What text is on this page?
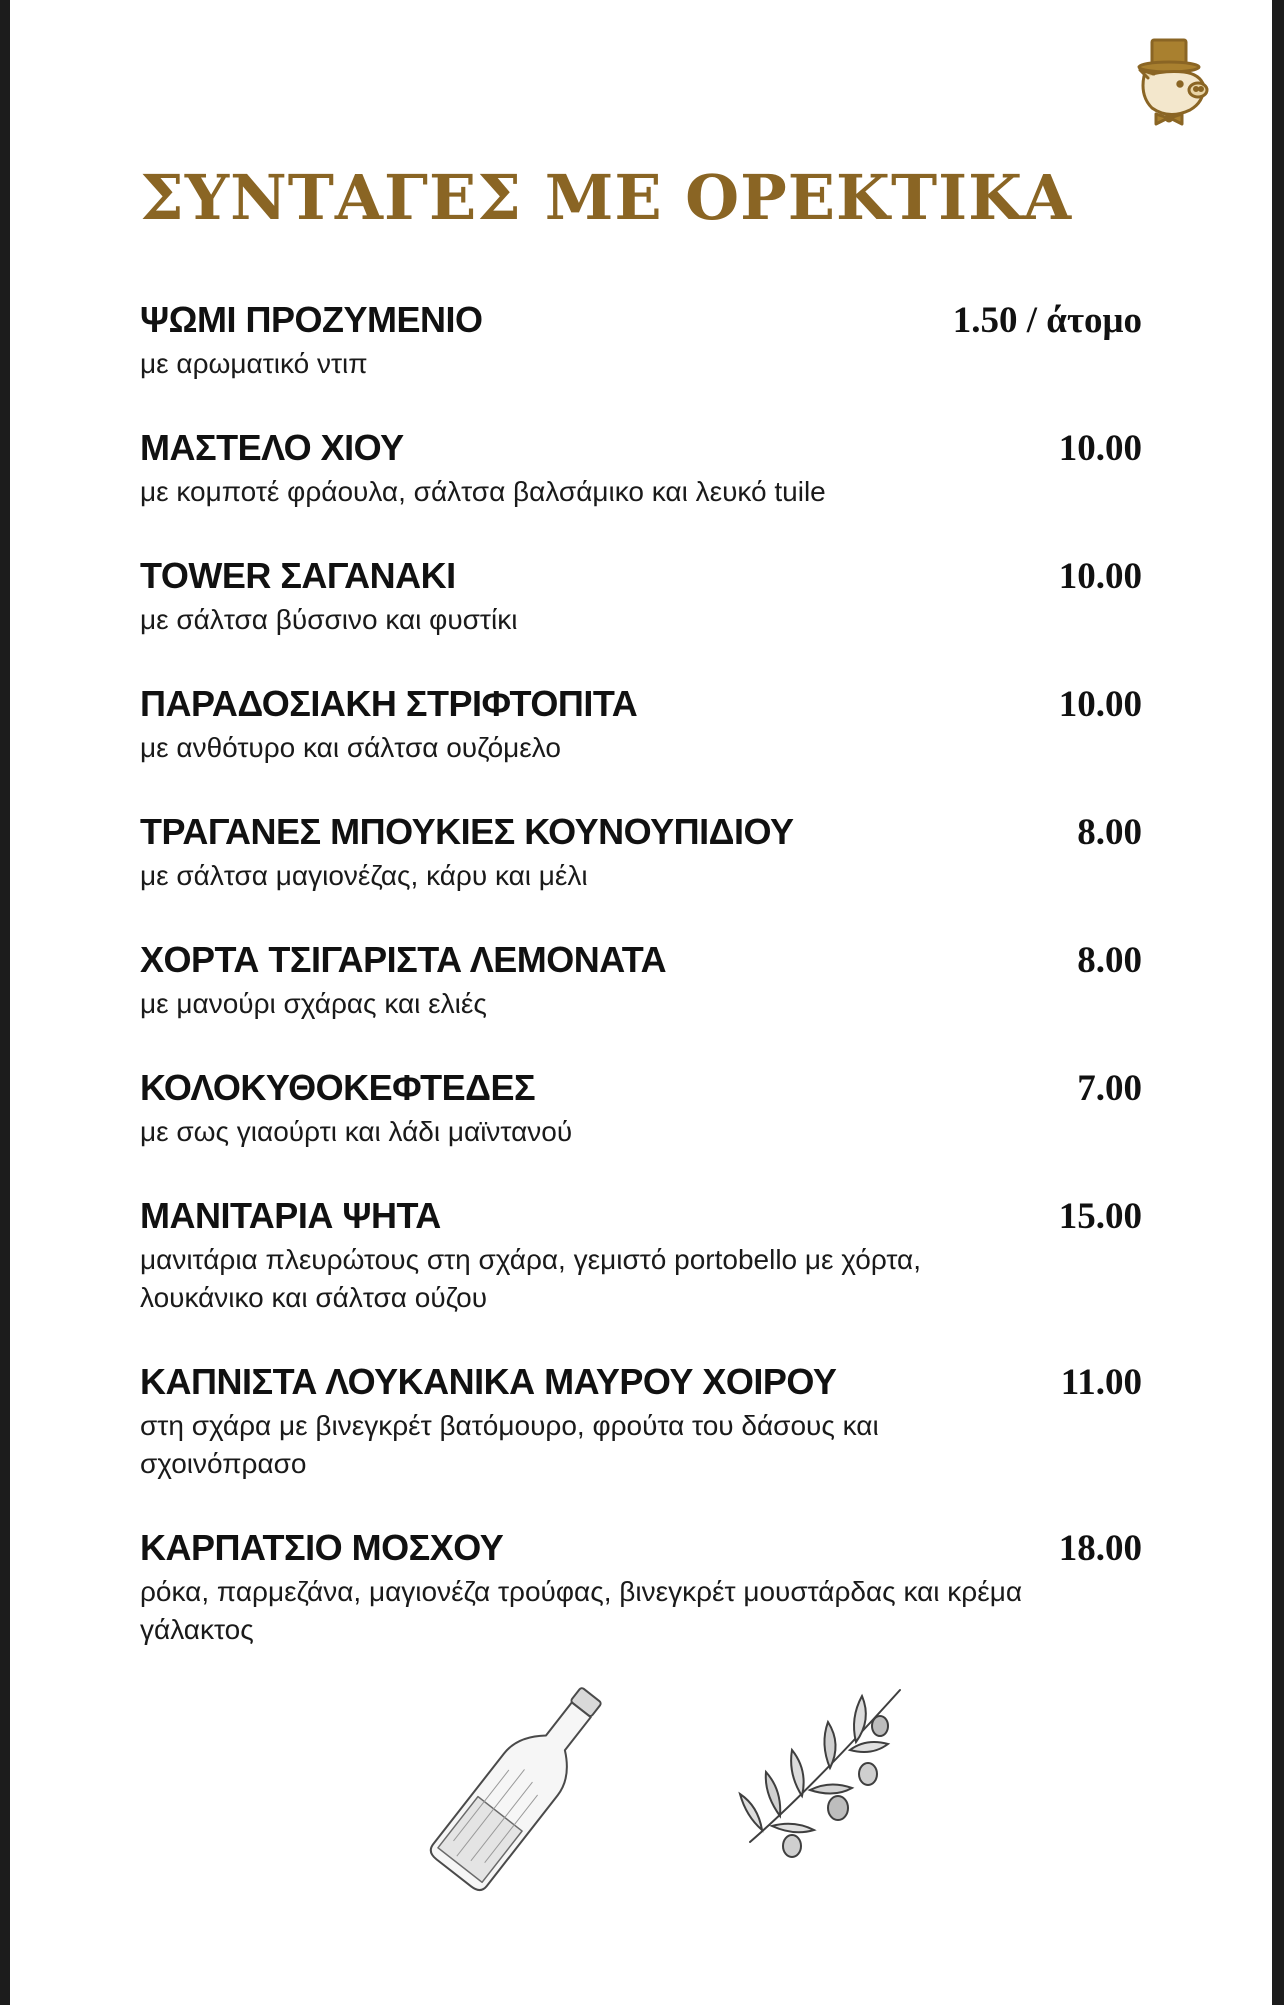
ΣΥΝΤΑΓΕΣ ΜΕ ΟΡΕΚΤΙΚΑ
ΨΩΜΙ ΠΡΟΖΥΜΕΝΙΟ	1.50 / άτομο
με αρωματικό ντιπ
ΜΑΣΤΕΛΟ ΧΙΟΥ	10.00
με κομποτέ φράουλα, σάλτσα βαλσάμικο και λευκό tuile
TOWER ΣΑΓΑΝΑΚΙ	10.00
με σάλτσα βύσσινο και φυστίκι
ΠΑΡΑΔΟΣΙΑΚΗ ΣΤΡΙΦΤΟΠΙΤΑ	10.00
με ανθότυρο και σάλτσα ουζόμελο
ΤΡΑΓΑΝΕΣ ΜΠΟΥΚΙΕΣ ΚΟΥΝΟΥΠΙΔΙΟΥ	8.00
με σάλτσα μαγιονέζας, κάρυ και μέλι
ΧΟΡΤΑ ΤΣΙΓΑΡΙΣΤΑ ΛΕΜΟΝΑΤΑ	8.00
με μανούρι σχάρας και ελιές
ΚΟΛΟΚΥΘΟΚΕΦΤΕΔΕΣ	7.00
με σως γιαούρτι και λάδι μαϊντανού
ΜΑΝΙΤΑΡΙΑ ΨΗΤΑ	15.00
μανιτάρια πλευρώτους στη σχάρα, γεμιστό portobello με χόρτα, λουκάνικο και σάλτσα ούζου
ΚΑΠΝΙΣΤΑ ΛΟΥΚΑΝΙΚΑ ΜΑΥΡΟΥ ΧΟΙΡΟΥ	11.00
στη σχάρα με βινεγκρέτ βατόμουρο, φρούτα του δάσους και σχοινόπρασο
ΚΑΡΠΑΤΣΙΟ ΜΟΣΧΟΥ	18.00
ρόκα, παρμεζάνα, μαγιονέζα τρούφας, βινεγκρέτ μουστάρδας και κρέμα γάλακτος
